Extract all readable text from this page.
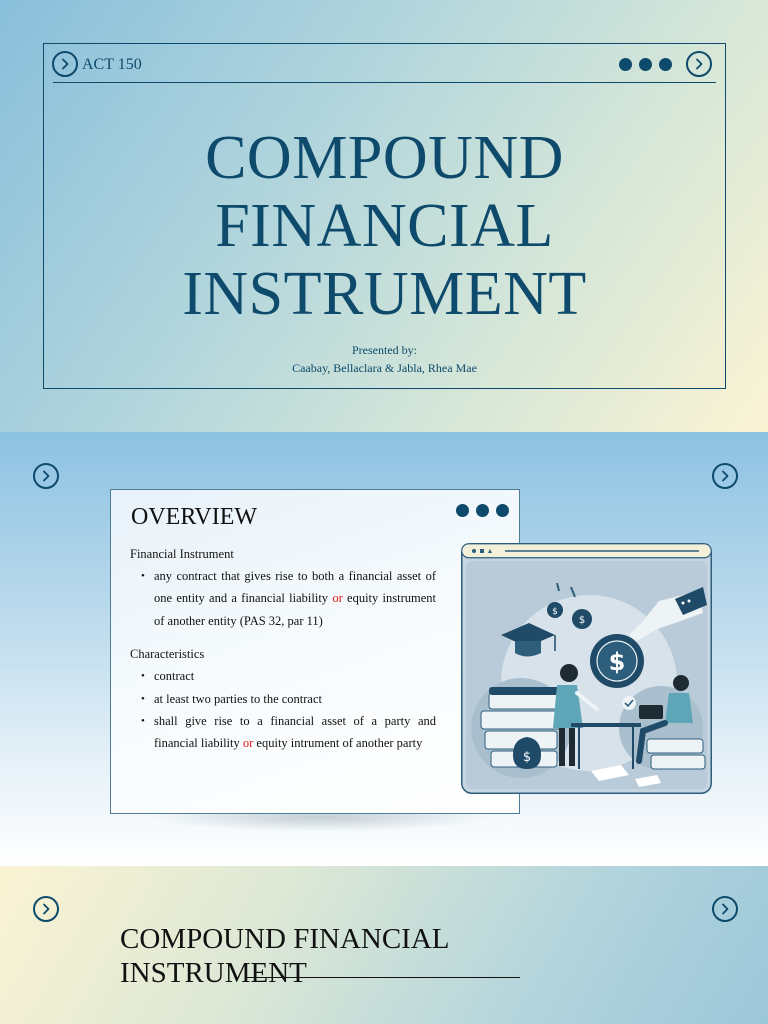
ACT 150
COMPOUND
FINANCIAL
INSTRUMENT
Presented by:
Caabay, Bellaclara & Jabla, Rhea Mae
OVERVIEW
Financial Instrument
• any contract that gives rise to both a financial asset of one entity and a financial liability or equity instrument of another entity (PAS 32, par 11)
Characteristics
• contract
• at least two parties to the contract
• shall give rise to a financial asset of a party and financial liability or equity intrument of another party
$
$
$
$
COMPOUND FINANCIAL
INSTRUMENT
